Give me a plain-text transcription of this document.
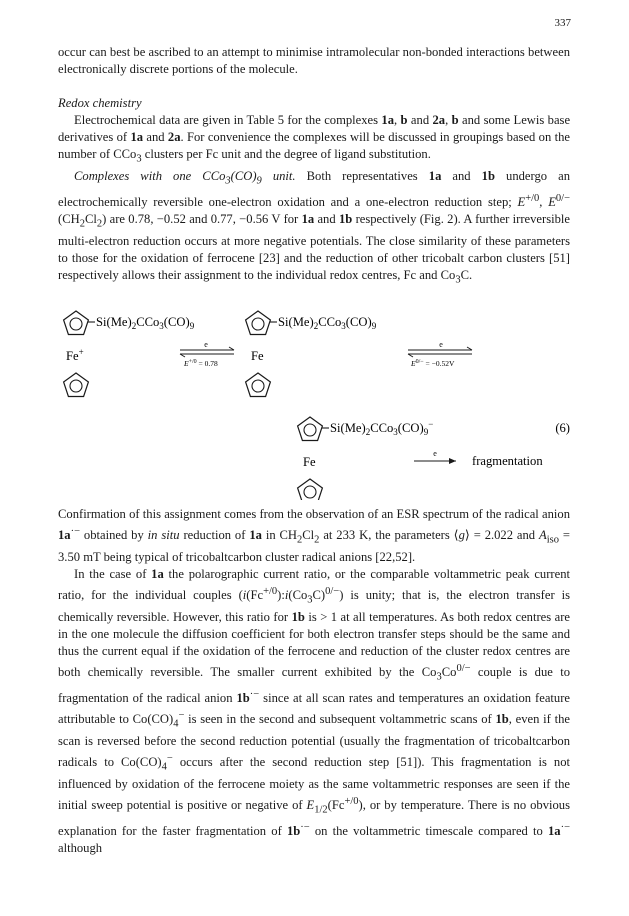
337

occur can best be ascribed to an attempt to minimise intramolecular non-bonded interactions between electronically discrete portions of the molecule.

Redox chemistry

Electrochemical data are given in Table 5 for the complexes 1a, b and 2a, b and some Lewis base derivatives of 1a and 2a. For convenience the complexes will be discussed in groupings based on the number of CCo$_3$ clusters per Fc unit and the degree of ligand substitution.

Complexes with one $CCo_3(CO)_9$ unit. Both representatives 1a and 1b undergo an electrochemically reversible one-electron oxidation and a one-electron reduction step; $E^{+/0}$, $E^{0/-}$ $(CH_2Cl_2)$ are 0.78, −0.52 and 0.77, −0.56 V for 1a and 1b respectively (Fig. 2). A further irreversible multi-electron reduction occurs at more negative potentials. The close similarity of these parameters to those for the oxidation of ferrocene [23] and the reduction of other tricobalt carbon clusters [51] respectively allows their assignment to the individual redox centres, Fc and $Co_3C$.

$Si(Me)_2CCo_3(CO)_9$
Fe+
e
$E^{+/0} = 0.78$
$Si(Me)_2CCo_3(CO)_9$
Fe
e
$E^{0/-} = -0.52V$
$Si(Me)_2CCo_3(CO)_9^-$
Fe
e
fragmentation
(6)

Confirmation of this assignment comes from the observation of an ESR spectrum of the radical anion 1a·− obtained by in situ reduction of 1a in $CH_2Cl_2$ at 233 K, the parameters ⟨g⟩ = 2.022 and $A_{iso} = 3.50$ mT being typical of tricobaltcarbon cluster radical anions [22,52].

In the case of 1a the polarographic current ratio, or the comparable voltammetric peak current ratio, for the individual couples $(i(Fc^{+/0}):i(Co_3C)^{0/-})$ is unity; that is, the electron transfer is chemically reversible. However, this ratio for 1b is > 1 at all temperatures. As both redox centres are in the one molecule the diffusion coefficient for both electron transfer steps should be the same and thus the current equal if the oxidation of the ferrocene and reduction of the cluster redox centres are both chemically reversible. The smaller current exhibited by the $Co_3Co^{0/-}$ couple is due to fragmentation of the radical anion 1b·− since at all scan rates and temperatures an oxidation feature attributable to $Co(CO)_4^-$ is seen in the second and subsequent voltammetric scans of 1b, even if the scan is reversed before the second reduction potential (usually the fragmentation of tricobaltcarbon radicals to $Co(CO)_4^-$ occurs after the second reduction step [51]). This fragmentation is not influenced by oxidation of the ferrocene moiety as the same voltammetric responses are seen if the initial sweep potential is positive or negative of $E_{1/2}(Fc^{+/0})$, or by temperature. There is no obvious explanation for the faster fragmentation of 1b·− on the voltammetric timescale compared to 1a·− although
